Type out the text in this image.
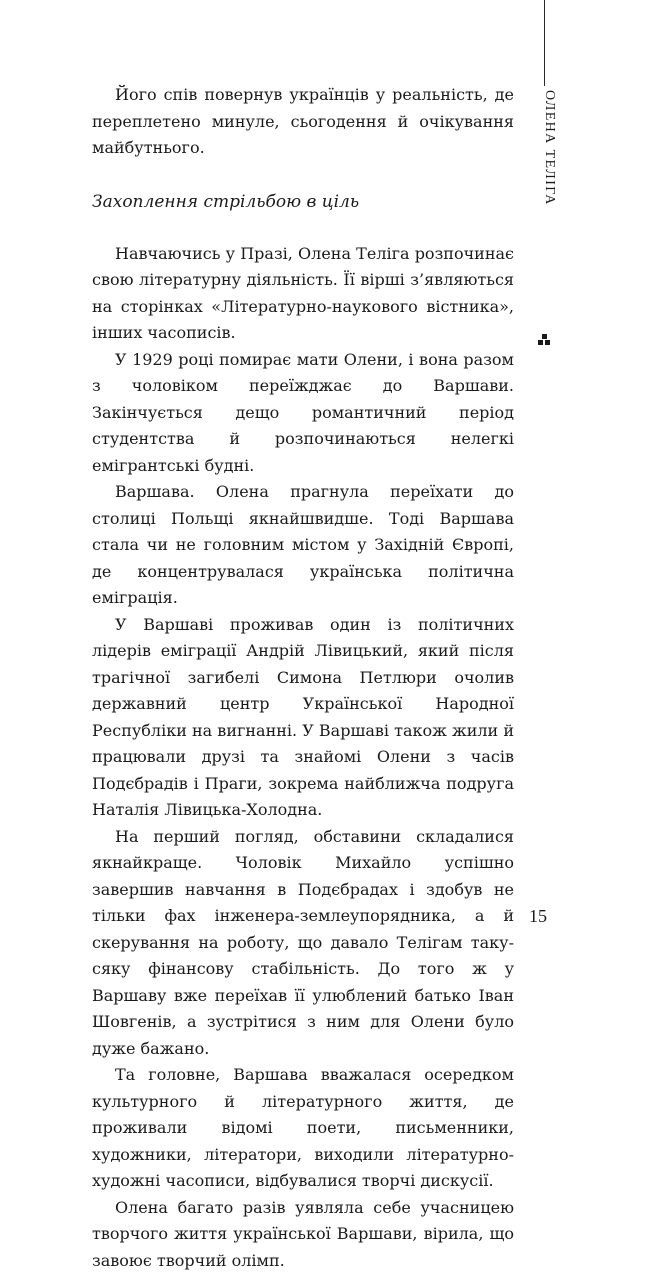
ОЛЕНА ТЕЛІГА

Його спів повернув українців у реальність, де переплетено минуле, сьогодення й очікування майбутнього.

Захоплення стрільбою в ціль

Навчаючись у Празі, Олена Теліга розпочинає свою літературну діяльність. Її вірші з’являються на сторінках «Літературно-наукового вістника», інших часописів.

У 1929 році помирає мати Олени, і вона разом з чоловіком переїжджає до Варшави. Закінчується дещо романтичний період студентства й розпочинаються нелегкі емігрантські будні.

Варшава. Олена прагнула переїхати до столиці Польщі якнайшвидше. Тоді Варшава стала чи не головним містом у Західній Європі, де концентрувалася українська політична еміграція.

У Варшаві проживав один із політичних лідерів еміграції Андрій Лівицький, який після трагічної загибелі Симона Петлюри очолив державний центр Української Народної Республіки на вигнанні. У Варшаві також жили й працювали друзі та знайомі Олени з часів Подєбрадів і Праги, зокрема найближча подруга Наталія Лівицька-Холодна.

На перший погляд, обставини складалися якнайкраще. Чоловік Михайло успішно завершив навчання в Подєбрадах і здобув не тільки фах інженера-землеупорядника, а й скерування на роботу, що давало Телігам таку-сяку фінансову стабільність. До того ж у Варшаву вже переїхав її улюблений батько Іван Шовгенів, а зустрітися з ним для Олени було дуже бажано.

Та головне, Варшава вважалася осередком культурного й літературного життя, де проживали відомі поети, письменники, художники, літератори, виходили літературно-художні часописи, відбувалися творчі дискусії.

Олена багато разів уявляла себе учасницею творчого життя української Варшави, вірила, що завоює творчий олімп.

15
